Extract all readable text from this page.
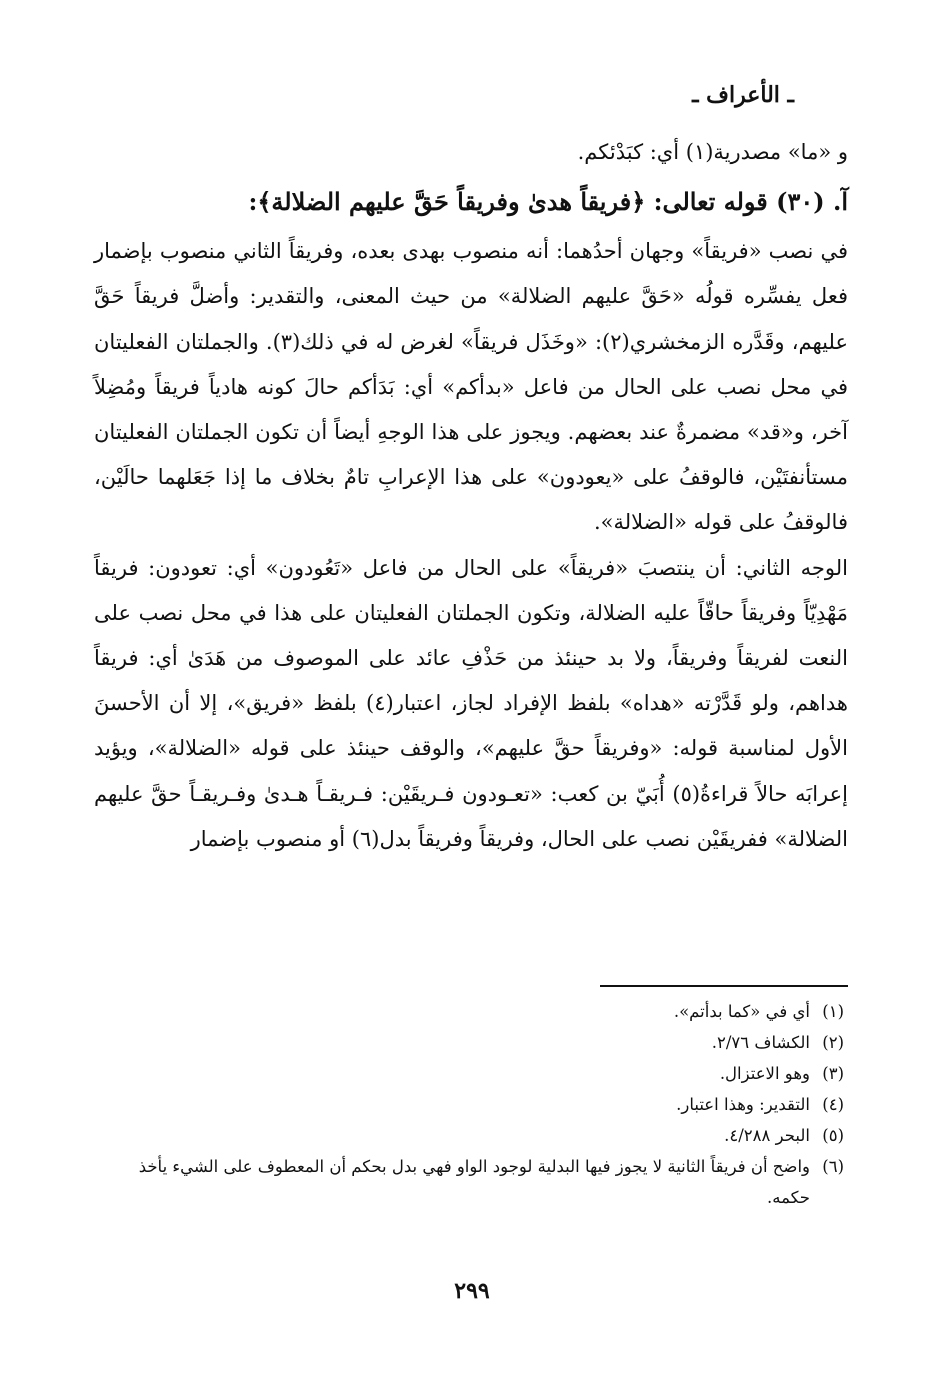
ـ الأعراف ـ

و «ما» مصدرية(١) أي: كبَدْئكم.

آ. (٣٠) قوله تعالى: ﴿فريقاً هدىٰ وفريقاً حَقَّ عليهم الضلالة﴾:

في نصب «فريقاً» وجهان أحدُهما: أنه منصوب بهدى بعده، وفريقاً الثاني منصوب بإضمار فعل يفسِّره قولُه «حَقَّ عليهم الضلالة» من حيث المعنى، والتقدير: وأضلَّ فريقاً حَقَّ عليهم، وقَدَّره الزمخشري(٢): «وخَذَل فريقاً» لغرض له في ذلك(٣). والجملتان الفعليتان في محل نصب على الحال من فاعل «بدأكم» أي: بَدَأكم حالَ كونه هادياً فريقاً ومُضِلاً آخر، و«قد» مضمرةٌ عند بعضهم. ويجوز على هذا الوجهِ أيضاً أن تكون الجملتان الفعليتان مستأنفتَيْن، فالوقفُ على «يعودون» على هذا الإعرابِ تامٌ بخلاف ما إذا جَعَلهما حالَيْن، فالوقفُ على قوله «الضلالة».

الوجه الثاني: أن ينتصبَ «فريقاً» على الحال من فاعل «تَعُودون» أي: تعودون: فريقاً مَهْدِيّاً وفريقاً حاقّاً عليه الضلالة، وتكون الجملتان الفعليتان على هذا في محل نصب على النعت لفريقاً وفريقاً، ولا بد حينئذ من حَذْفِ عائد على الموصوف من هَدَىٰ أي: فريقاً هداهم، ولو قَدَّرْته «هداه» بلفظ الإفراد لجاز، اعتبار(٤) بلفظ «فريق»، إلا أن الأحسنَ الأول لمناسبة قوله: «وفريقاً حقَّ عليهم»، والوقف حينئذ على قوله «الضلالة»، ويؤيد إعرابَه حالاً قراءةُ(٥) أُبَيّ بن كعب: «تعـودون فـريقَيْن: فـريقـاً هـدىٰ وفـريقـاً حقَّ عليهم الضلالة» ففريقَيْن نصب على الحال، وفريقاً وفريقاً بدل(٦) أو منصوب بإضمار

(١)
أي في «كما بدأتم».

(٢)
الكشاف ٢/٧٦.

(٣)
وهو الاعتزال.

(٤)
التقدير: وهذا اعتبار.

(٥)
البحر ٤/٢٨٨.

(٦)
واضح أن فريقاً الثانية لا يجوز فيها البدلية لوجود الواو فهي بدل بحكم أن المعطوف على الشيء يأخذ حكمه.

٢٩٩
